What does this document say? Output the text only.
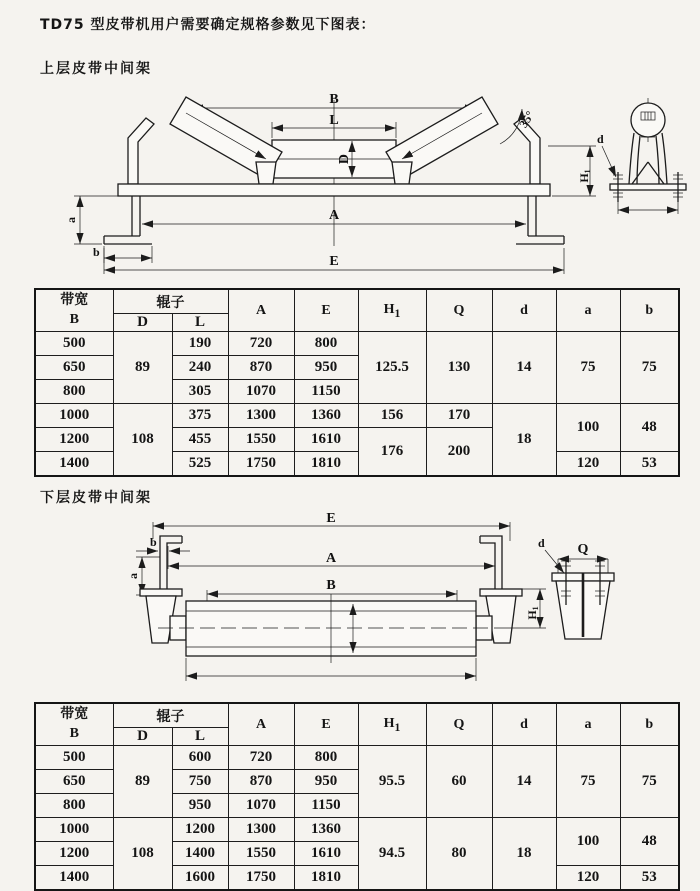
TD75 型皮带机用户需要确定规格参数见下图表：
上层皮带中间架
B
L
D
35°
A
a
b
E
H1
d
带宽
B	辊子		A	E	$H_1$	Q	d	a	b
	D	L							
500	89	190	720	800	125.5	130	14	75	75
650		240	870	950					
800		305	1070	1150					
1000	108	375	1300	1360	156	170	18	100	48
1200		455	1550	1610	176	200			
1400		525	1750	1810				120	53
下层皮带中间架
E
A
B
b
a
H1
Q
d
带宽
B	辊子		A	E	$H_1$	Q	d	a	b
	D	L							
500	89	600	720	800	95.5	60	14	75	75
650		750	870	950					
800		950	1070	1150					
1000	108	1200	1300	1360	94.5	80	18	100	48
1200		1400	1550	1610					
1400		1600	1750	1810				120	53
